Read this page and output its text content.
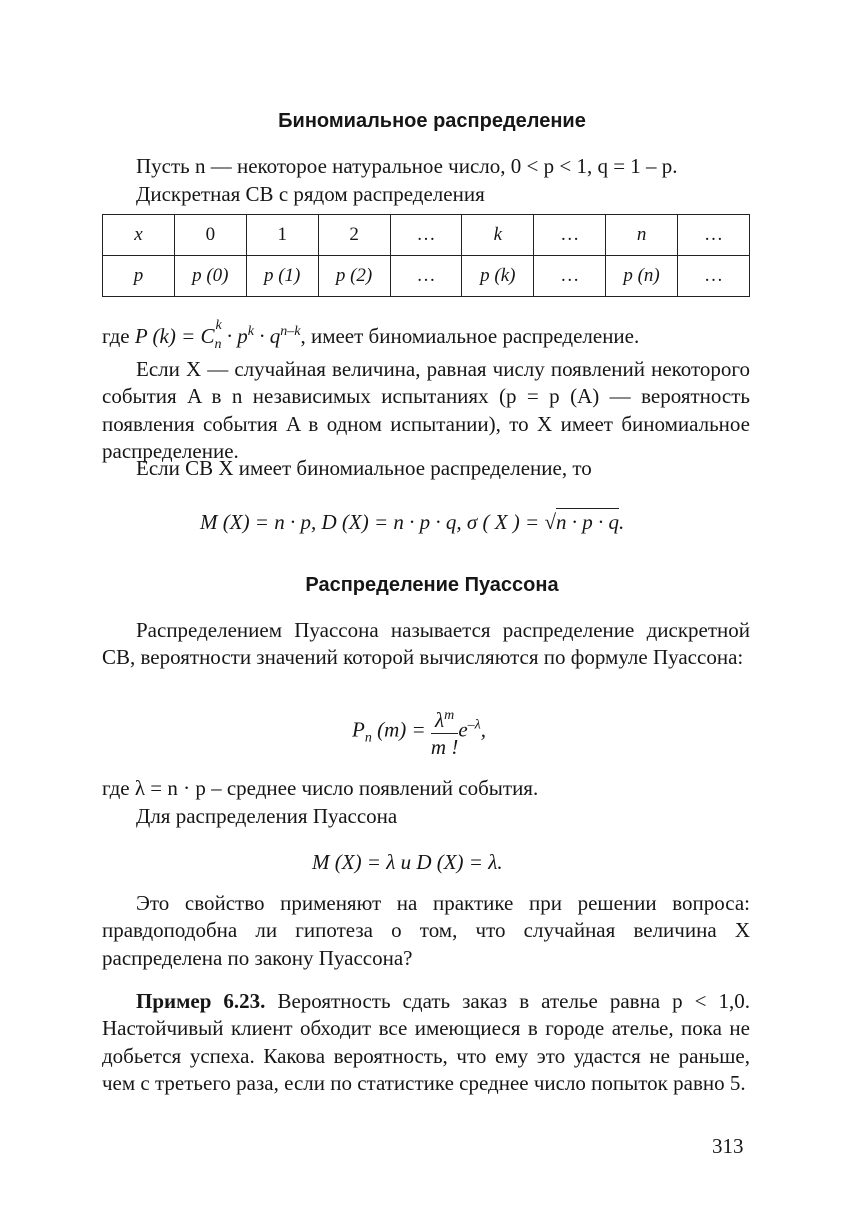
Биномиальное распределение
Пусть n — некоторое натуральное число, 0 < p < 1, q = 1 – p.
Дискретная СВ с рядом распределения
x	0	1	2	…	k	…	n	…
p	p (0)	p (1)	p (2)	…	p (k)	…	p (n)	…
где P (k) = C k
$_n \cdot p^k \cdot q^{n-k}$, имеет биномиальное распределение.
Если X — случайная величина, равная числу появлений некоторого события A в n независимых испытаниях (p = p (A) — вероятность появления события A в одном испытании), то X имеет биномиальное распределение.
Если СВ X имеет биномиальное распределение, то
M (X) = n · p, D (X) = n · p · q, σ ( X ) = √n · p · q.
Распределение Пуассона
Распределением Пуассона называется распределение дискретной СВ, вероятности значений которой вычисляются по формуле Пуассона:
$P_n$ $(m) = \frac{\lambda^m}{m !} e^{-\lambda}$,
где λ = n · p – среднее число появлений события.
Для распределения Пуассона
M (X) = λ и D (X) = λ.
Это свойство применяют на практике при решении вопроса: правдоподобна ли гипотеза о том, что случайная величина X распределена по закону Пуассона?
Пример 6.23. Вероятность сдать заказ в ателье равна p < 1,0. Настойчивый клиент обходит все имеющиеся в городе ателье, пока не добьется успеха. Какова вероятность, что ему это удастся не раньше, чем с третьего раза, если по статистике среднее число попыток равно 5.
313
